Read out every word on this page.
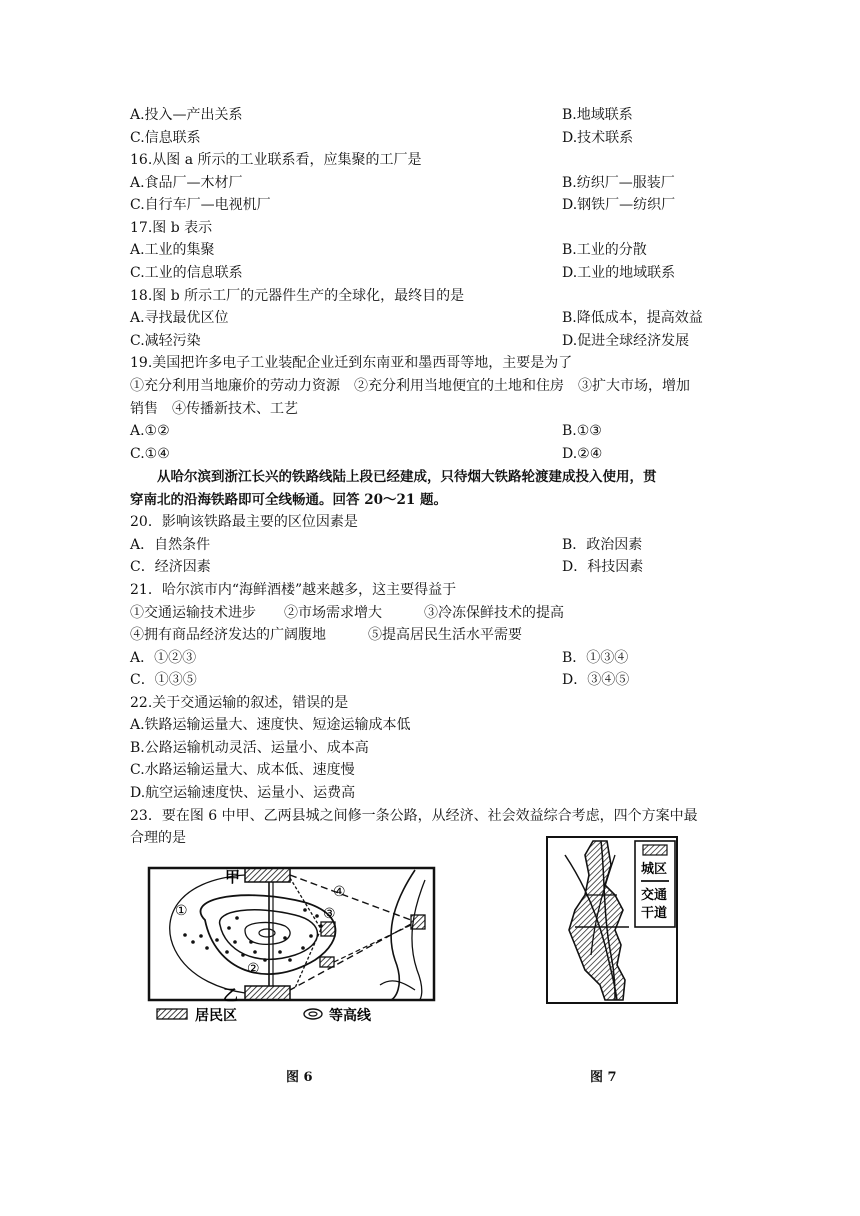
A.投入—产出关系	B.地域联系
C.信息联系	D.技术联系
16.从图 a 所示的工业联系看，应集聚的工厂是
A.食品厂—木材厂	B.纺织厂—服装厂
C.自行车厂—电视机厂	D.钢铁厂—纺织厂
17.图 b 表示
A.工业的集聚	B.工业的分散
C.工业的信息联系	D.工业的地域联系
18.图 b 所示工厂的元器件生产的全球化，最终目的是
A.寻找最优区位	B.降低成本，提高效益
C.减轻污染	D.促进全球经济发展
19.美国把许多电子工业装配企业迁到东南亚和墨西哥等地，主要是为了
①充分利用当地廉价的劳动力资源　②充分利用当地便宜的土地和住房　③扩大市场，增加
销售　④传播新技术、工艺
A.①②	B.①③
C.①④	D.②④
　　从哈尔滨到浙江长兴的铁路线陆上段已经建成，只待烟大铁路轮渡建成投入使用，贯
穿南北的沿海铁路即可全线畅通。回答 20～21 题。
20．影响该铁路最主要的区位因素是
A．自然条件	B．政治因素
C．经济因素	D．科技因素
21．哈尔滨市内“海鲜酒楼”越来越多，这主要得益于
①交通运输技术进步　　②市场需求增大　　　③冷冻保鲜技术的提高
④拥有商品经济发达的广阔腹地　　　⑤提高居民生活水平需要
A．①②③	B．①③④
C．①③⑤	D．③④⑤
22.关于交通运输的叙述，错误的是
A.铁路运输运量大、速度快、短途运输成本低
B.公路运输机动灵活、运量小、成本高
C.水路运输运量大、成本低、速度慢
D.航空运输速度快、运量小、运费高
23．要在图 6 中甲、乙两县城之间修一条公路，从经济、社会效益综合考虑，四个方案中最
合理的是
甲
乙
①
②
③
④
居民区	等高线
城区
交通
干道
图 6	图 7
